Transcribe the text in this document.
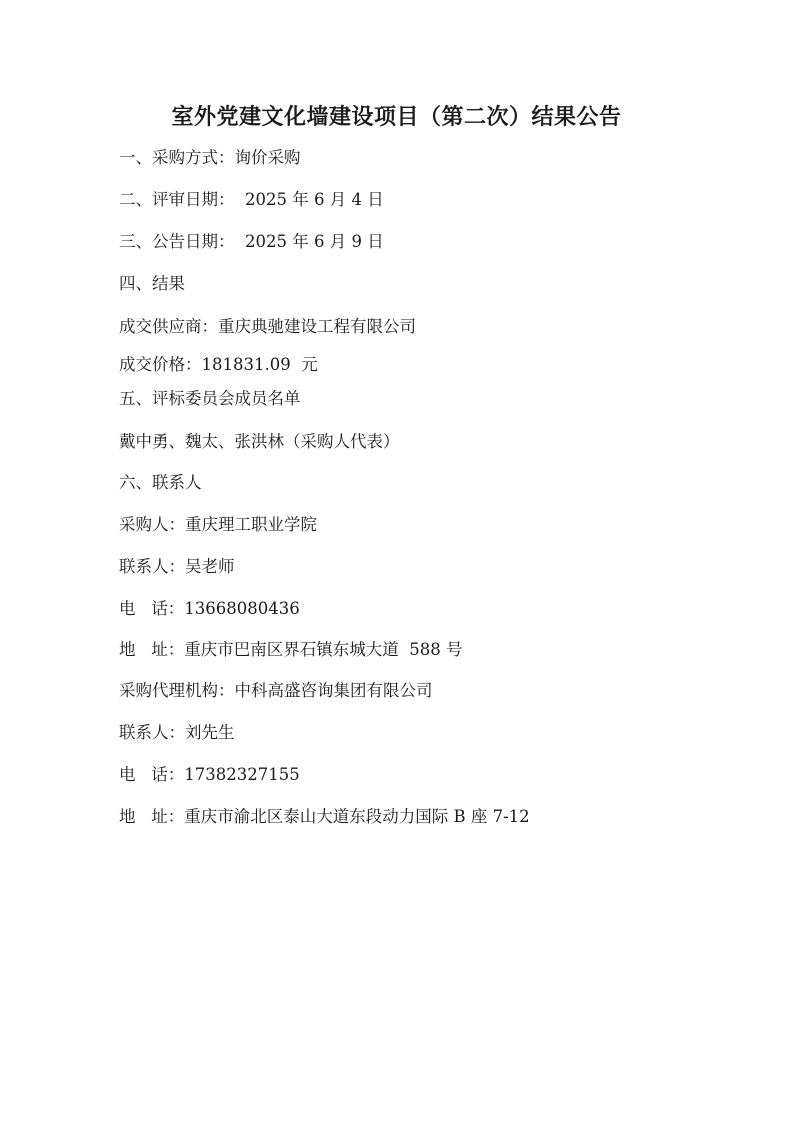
室外党建文化墙建设项目（第二次）结果公告
一、采购方式：询价采购
二、评审日期：  2025 年 6 月 4 日
三、公告日期：  2025 年 6 月 9 日
四、结果
成交供应商：重庆典驰建设工程有限公司
成交价格：181831.09  元
五、评标委员会成员名单
戴中勇、魏太、张洪林（采购人代表）
六、联系人
采购人：重庆理工职业学院
联系人：吴老师
电   话：13668080436
地   址：重庆市巴南区界石镇东城大道  588 号
采购代理机构：中科高盛咨询集团有限公司
联系人：刘先生
电   话：17382327155
地   址：重庆市渝北区泰山大道东段动力国际 B 座 7-12
